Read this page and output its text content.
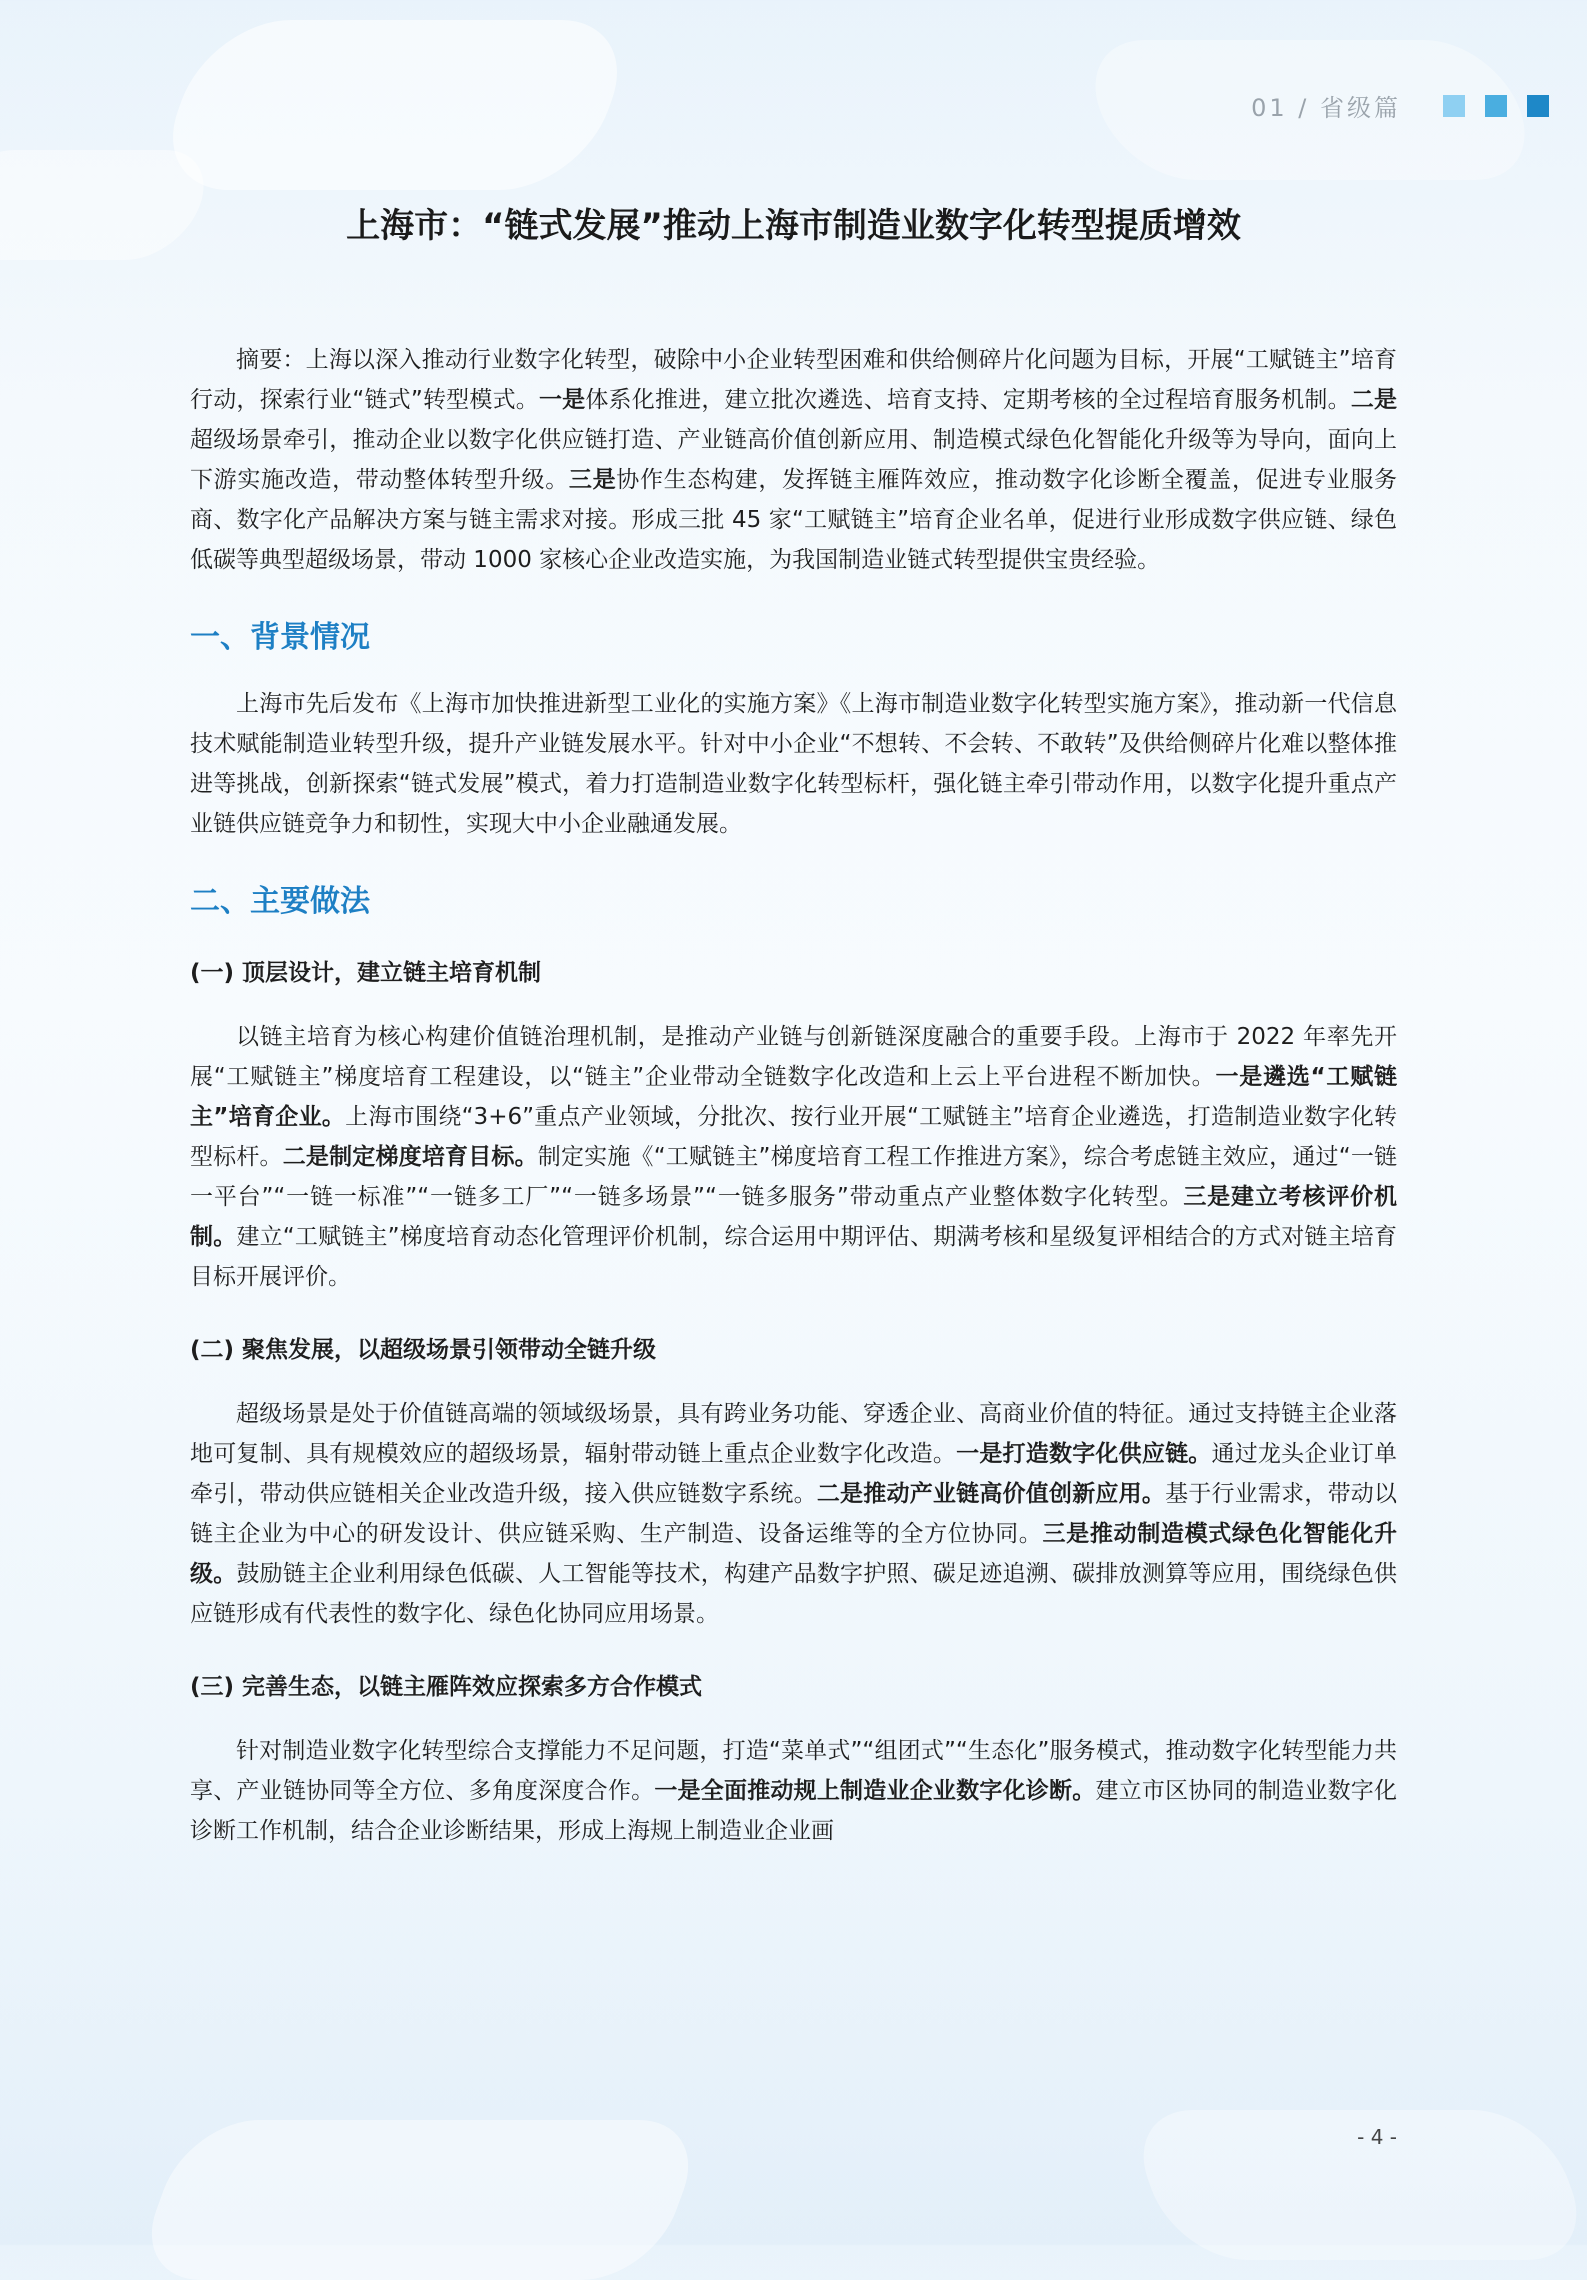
01 / 省级篇
上海市：“链式发展”推动上海市制造业数字化转型提质增效

摘要：上海以深入推动行业数字化转型，破除中小企业转型困难和供给侧碎片化问题为目标，开展“工赋链主”培育行动，探索行业“链式”转型模式。一是体系化推进，建立批次遴选、培育支持、定期考核的全过程培育服务机制。二是超级场景牵引，推动企业以数字化供应链打造、产业链高价值创新应用、制造模式绿色化智能化升级等为导向，面向上下游实施改造，带动整体转型升级。三是协作生态构建，发挥链主雁阵效应，推动数字化诊断全覆盖，促进专业服务商、数字化产品解决方案与链主需求对接。形成三批 45 家“工赋链主”培育企业名单，促进行业形成数字供应链、绿色低碳等典型超级场景，带动 1000 家核心企业改造实施，为我国制造业链式转型提供宝贵经验。

一、背景情况

上海市先后发布《上海市加快推进新型工业化的实施方案》《上海市制造业数字化转型实施方案》，推动新一代信息技术赋能制造业转型升级，提升产业链发展水平。针对中小企业“不想转、不会转、不敢转”及供给侧碎片化难以整体推进等挑战，创新探索“链式发展”模式，着力打造制造业数字化转型标杆，强化链主牵引带动作用，以数字化提升重点产业链供应链竞争力和韧性，实现大中小企业融通发展。

二、主要做法
(一) 顶层设计，建立链主培育机制

以链主培育为核心构建价值链治理机制，是推动产业链与创新链深度融合的重要手段。上海市于 2022 年率先开展“工赋链主”梯度培育工程建设，以“链主”企业带动全链数字化改造和上云上平台进程不断加快。一是遴选“工赋链主”培育企业。上海市围绕“3+6”重点产业领域，分批次、按行业开展“工赋链主”培育企业遴选，打造制造业数字化转型标杆。二是制定梯度培育目标。制定实施《“工赋链主”梯度培育工程工作推进方案》，综合考虑链主效应，通过“一链一平台”“一链一标准”“一链多工厂”“一链多场景”“一链多服务”带动重点产业整体数字化转型。三是建立考核评价机制。建立“工赋链主”梯度培育动态化管理评价机制，综合运用中期评估、期满考核和星级复评相结合的方式对链主培育目标开展评价。

(二) 聚焦发展，以超级场景引领带动全链升级

超级场景是处于价值链高端的领域级场景，具有跨业务功能、穿透企业、高商业价值的特征。通过支持链主企业落地可复制、具有规模效应的超级场景，辐射带动链上重点企业数字化改造。一是打造数字化供应链。通过龙头企业订单牵引，带动供应链相关企业改造升级，接入供应链数字系统。二是推动产业链高价值创新应用。基于行业需求，带动以链主企业为中心的研发设计、供应链采购、生产制造、设备运维等的全方位协同。三是推动制造模式绿色化智能化升级。鼓励链主企业利用绿色低碳、人工智能等技术，构建产品数字护照、碳足迹追溯、碳排放测算等应用，围绕绿色供应链形成有代表性的数字化、绿色化协同应用场景。

(三) 完善生态，以链主雁阵效应探索多方合作模式

针对制造业数字化转型综合支撑能力不足问题，打造“菜单式”“组团式”“生态化”服务模式，推动数字化转型能力共享、产业链协同等全方位、多角度深度合作。一是全面推动规上制造业企业数字化诊断。建立市区协同的制造业数字化诊断工作机制，结合企业诊断结果，形成上海规上制造业企业画

- 4 -
